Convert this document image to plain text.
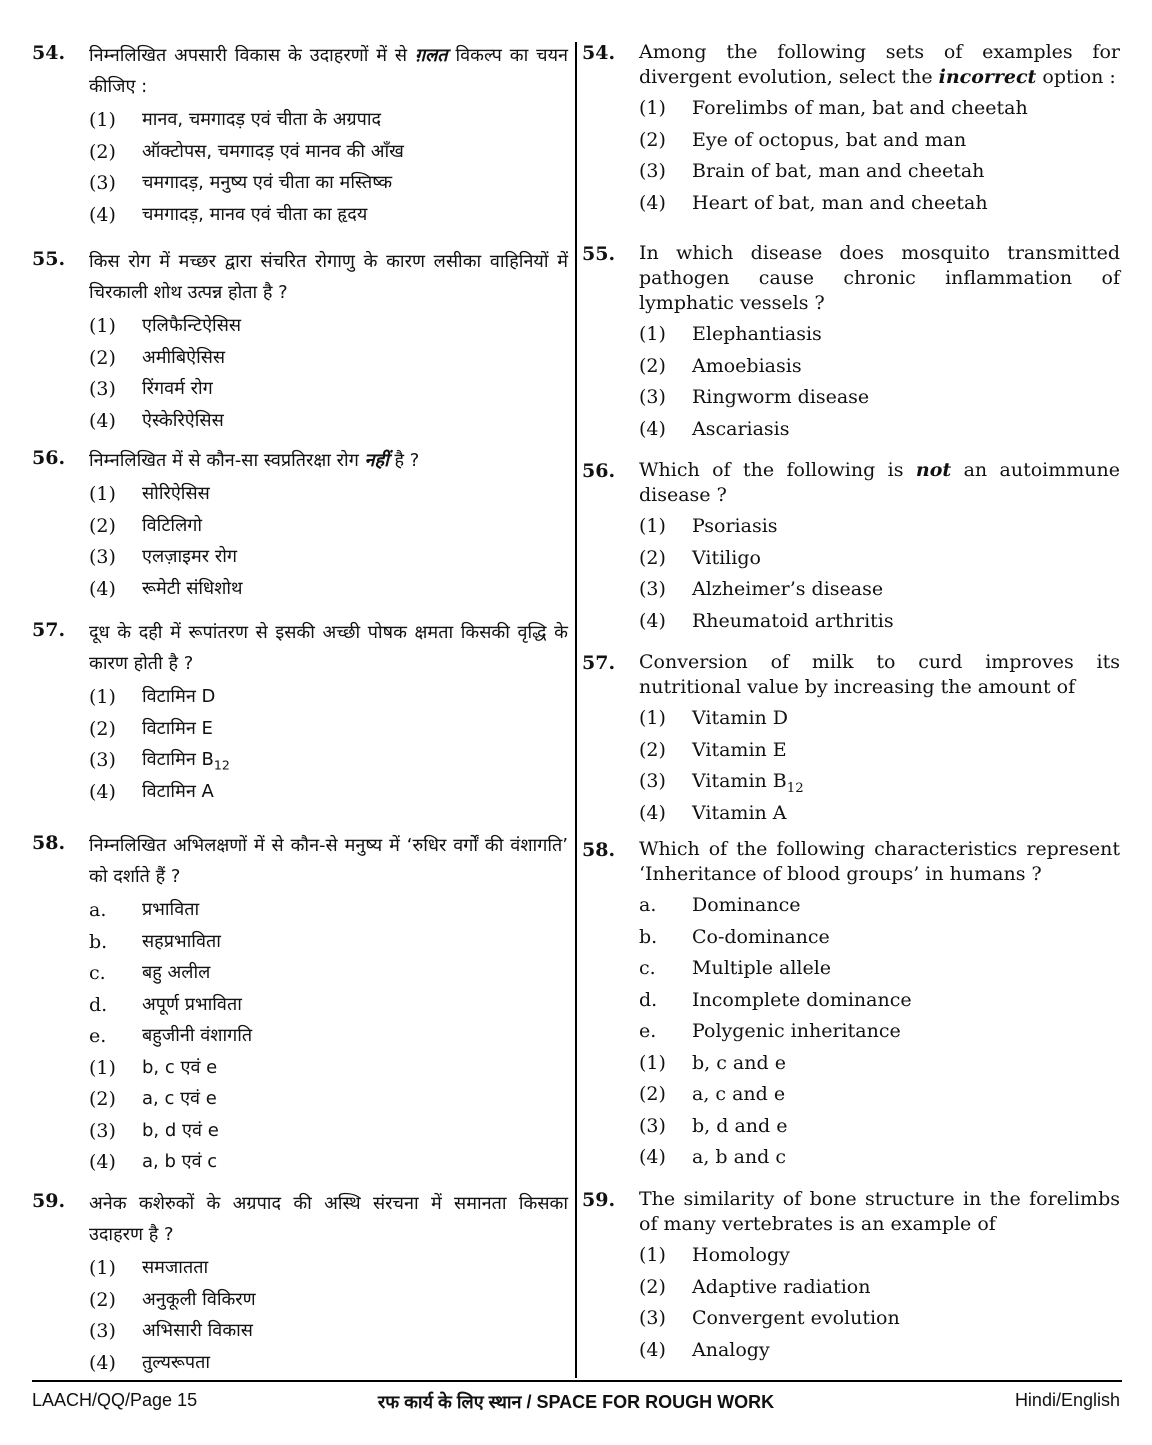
54. निम्नलिखित अपसारी विकास के उदाहरणों में से ग़लत विकल्प का चयन कीजिए :
(1) मानव, चमगादड़ एवं चीता के अग्रपाद
(2) ऑक्टोपस, चमगादड़ एवं मानव की आँख
(3) चमगादड़, मनुष्य एवं चीता का मस्तिष्क
(4) चमगादड़, मानव एवं चीता का हृदय
55. किस रोग में मच्छर द्वारा संचरित रोगाणु के कारण लसीका वाहिनियों में चिरकाली शोथ उत्पन्न होता है ?
(1) एलिफैन्टिऐसिस
(2) अमीबिऐसिस
(3) रिंगवर्म रोग
(4) ऐस्केरिऐसिस
56. निम्नलिखित में से कौन-सा स्वप्रतिरक्षा रोग नहीं है ?
(1) सोरिऐसिस
(2) विटिलिगो
(3) एलज़ाइमर रोग
(4) रूमेटी संधिशोथ
57. दूध के दही में रूपांतरण से इसकी अच्छी पोषक क्षमता किसकी वृद्धि के कारण होती है ?
(1) विटामिन D
(2) विटामिन E
(3) विटामिन $B_{12}$
(4) विटामिन A
58. निम्नलिखित अभिलक्षणों में से कौन-से मनुष्य में ‘रुधिर वर्गों की वंशागति’ को दर्शाते हैं ?
a. प्रभाविता
b. सहप्रभाविता
c. बहु अलील
d. अपूर्ण प्रभाविता
e. बहुजीनी वंशागति
(1) b, c एवं e
(2) a, c एवं e
(3) b, d एवं e
(4) a, b एवं c
59. अनेक कशेरुकों के अग्रपाद की अस्थि संरचना में समानता किसका उदाहरण है ?
(1) समजातता
(2) अनुकूली विकिरण
(3) अभिसारी विकास
(4) तुल्यरूपता
54. Among the following sets of examples for divergent evolution, select the incorrect option :
(1) Forelimbs of man, bat and cheetah
(2) Eye of octopus, bat and man
(3) Brain of bat, man and cheetah
(4) Heart of bat, man and cheetah
55. In which disease does mosquito transmitted pathogen cause chronic inflammation of lymphatic vessels ?
(1) Elephantiasis
(2) Amoebiasis
(3) Ringworm disease
(4) Ascariasis
56. Which of the following is not an autoimmune disease ?
(1) Psoriasis
(2) Vitiligo
(3) Alzheimer’s disease
(4) Rheumatoid arthritis
57. Conversion of milk to curd improves its nutritional value by increasing the amount of
(1) Vitamin D
(2) Vitamin E
(3) Vitamin $B_{12}$
(4) Vitamin A
58. Which of the following characteristics represent ‘Inheritance of blood groups’ in humans ?
a. Dominance
b. Co-dominance
c. Multiple allele
d. Incomplete dominance
e. Polygenic inheritance
(1) b, c and e
(2) a, c and e
(3) b, d and e
(4) a, b and c
59. The similarity of bone structure in the forelimbs of many vertebrates is an example of
(1) Homology
(2) Adaptive radiation
(3) Convergent evolution
(4) Analogy
LAACH/QQ/Page 15	रफ कार्य के लिए स्थान / SPACE FOR ROUGH WORK	Hindi/English
